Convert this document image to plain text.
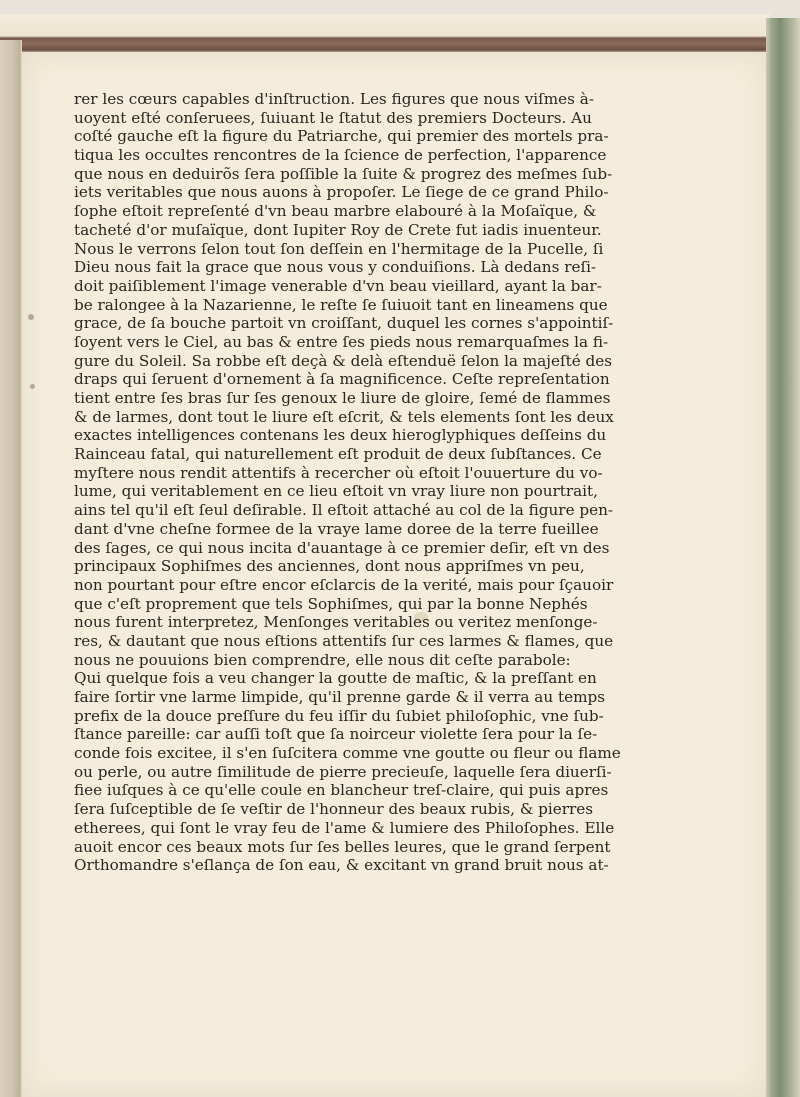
rer les cœurs capables d'inſtruction. Les figures que nous viſmes à-
uoyent eſté conſeruees, ſuiuant le ſtatut des premiers Docteurs. Au
coſté gauche eſt la figure du Patriarche, qui premier des mortels pra-
tiqua les occultes rencontres de la ſcience de perfection, l'apparence
que nous en deduirõs ſera poſſible la ſuite & progrez des meſmes ſub-
iets veritables que nous auons à propoſer. Le ſiege de ce grand Philo-
ſophe eſtoit repreſenté d'vn beau marbre elabouré à la Moſaïque, &
tacheté d'or muſaïque, dont Iupiter Roy de Crete fut iadis inuenteur.
Nous le verrons ſelon tout ſon deſſein en l'hermitage de la Pucelle, ſi
Dieu nous fait la grace que nous vous y conduiſions. Là dedans reſi-
doit paiſiblement l'image venerable d'vn beau vieillard, ayant la bar-
be ralongee à la Nazarienne, le reſte ſe ſuiuoit tant en lineamens que
grace, de ſa bouche partoit vn croiſſant, duquel les cornes s'appointiſ-
ſoyent vers le Ciel, au bas & entre ſes pieds nous remarquaſmes la fi-
gure du Soleil. Sa robbe eſt deçà & delà eſtenduë ſelon la majeſté des
draps qui ſeruent d'ornement à ſa magnificence. Ceſte repreſentation
tient entre ſes bras ſur ſes genoux le liure de gloire, ſemé de flammes
& de larmes, dont tout le liure eſt eſcrit, & tels elements ſont les deux
exactes intelligences contenans les deux hieroglyphiques deſſeins du
Rainceau fatal, qui naturellement eſt produit de deux ſubſtances. Ce
myſtere nous rendit attentifs à recercher où eſtoit l'ouuerture du vo-
lume, qui veritablement en ce lieu eſtoit vn vray liure non pourtrait,
ains tel qu'il eſt ſeul deſirable. Il eſtoit attaché au col de la figure pen-
dant d'vne cheſne formee de la vraye lame doree de la terre fueillee
des ſages, ce qui nous incita d'auantage à ce premier deſir, eſt vn des
principaux Sophiſmes des anciennes, dont nous appriſmes vn peu,
non pourtant pour eſtre encor eſclarcis de la verité, mais pour ſçauoir
que c'eſt proprement que tels Sophiſmes, qui par la bonne Nephés
nous furent interpretez, Menſonges veritables ou veritez menſonge-
res, & dautant que nous eſtions attentifs ſur ces larmes & flames, que
nous ne pouuions bien comprendre, elle nous dit ceſte parabole:
Qui quelque fois a veu changer la goutte de maſtic, & la preſſant en
faire ſortir vne larme limpide, qu'il prenne garde & il verra au temps
prefix de la douce preſſure du feu iſſir du ſubiet philoſophic, vne ſub-
ſtance pareille: car auſſi toſt que ſa noirceur violette ſera pour la ſe-
conde fois excitee, il s'en ſuſcitera comme vne goutte ou fleur ou flame
ou perle, ou autre ſimilitude de pierre precieuſe, laquelle ſera diuerſi-
fiee iuſques à ce qu'elle coule en blancheur treſ-claire, qui puis apres
ſera ſuſceptible de ſe veſtir de l'honneur des beaux rubis, & pierres
etherees, qui ſont le vray feu de l'ame & lumiere des Philoſophes. Elle
auoit encor ces beaux mots ſur ſes belles leures, que le grand ſerpent
Orthomandre s'eſlança de ſon eau, & excitant vn grand bruit nous at-
